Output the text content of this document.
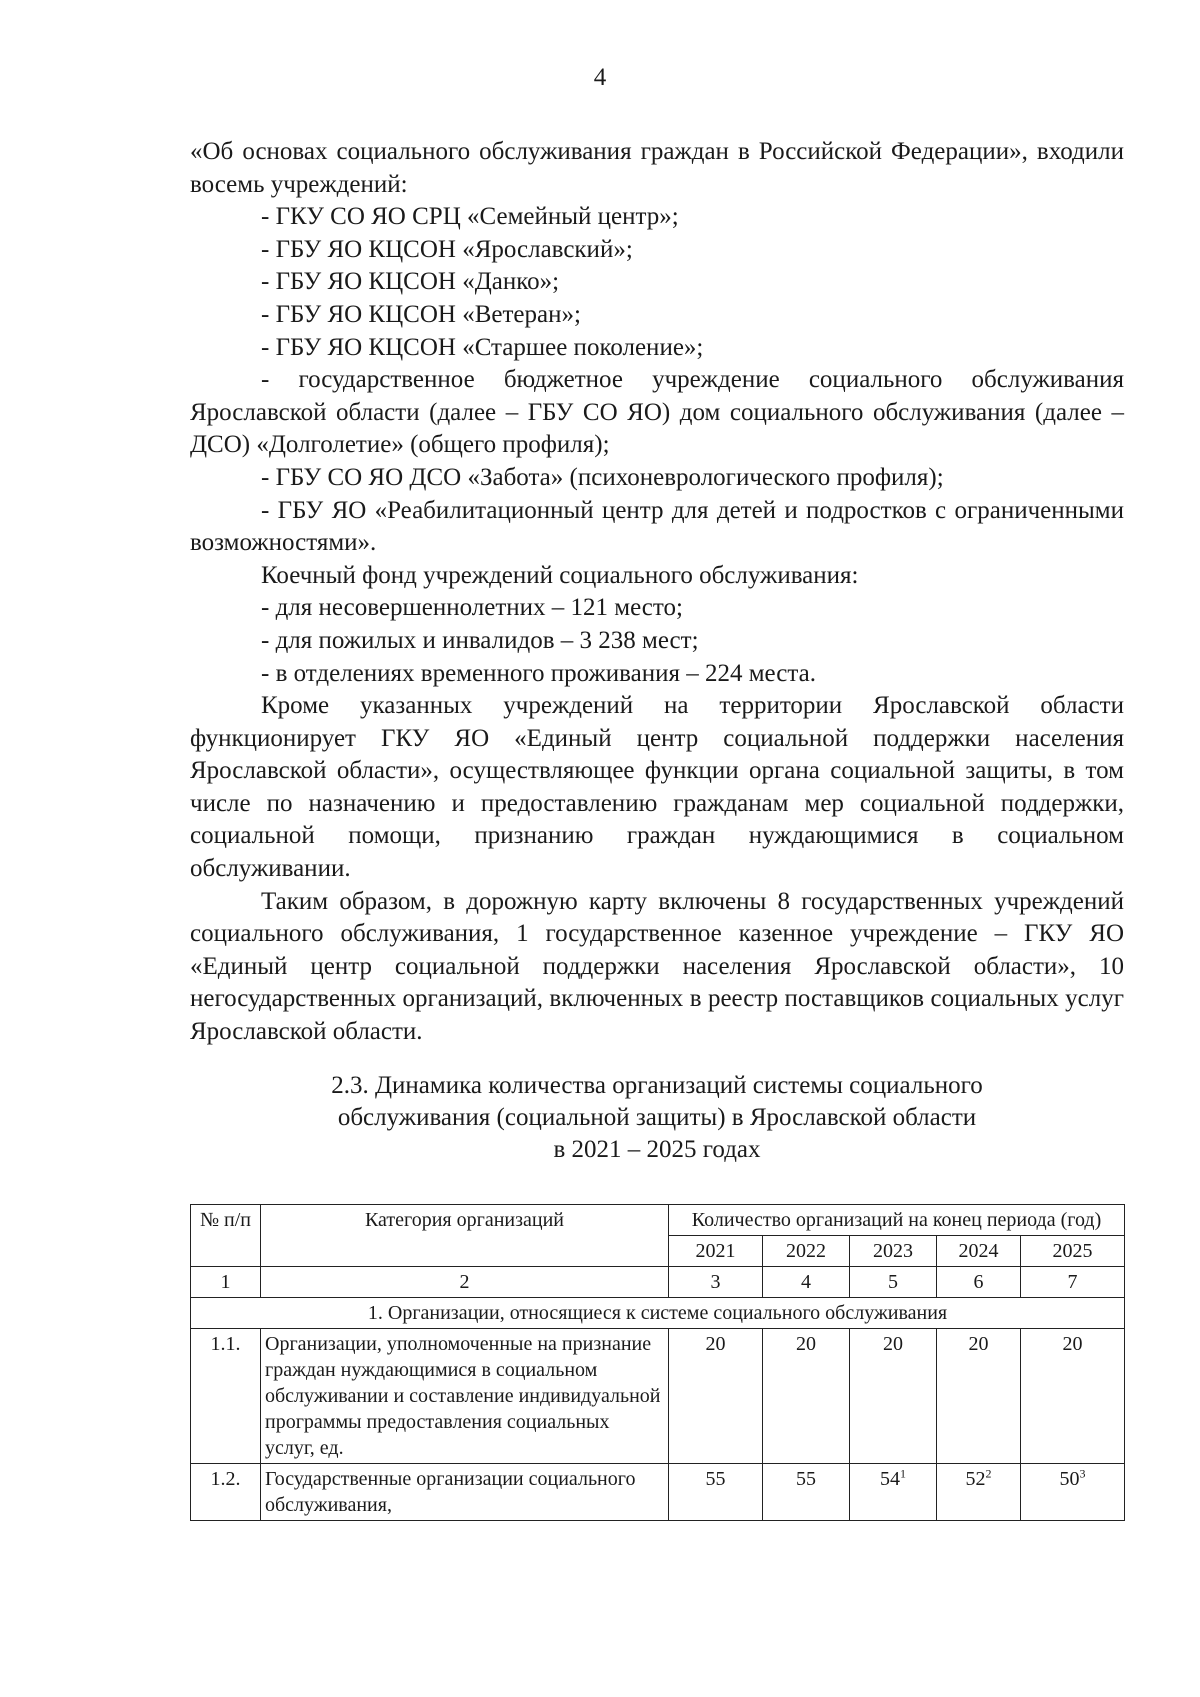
4

«Об основах социального обслуживания граждан в Российской Федерации», входили восемь учреждений:

- ГКУ СО ЯО СРЦ «Семейный центр»;

- ГБУ ЯО КЦСОН «Ярославский»;

- ГБУ ЯО КЦСОН «Данко»;

- ГБУ ЯО КЦСОН «Ветеран»;

- ГБУ ЯО КЦСОН «Старшее поколение»;

- государственное бюджетное учреждение социального обслуживания Ярославской области (далее – ГБУ СО ЯО) дом социального обслуживания (далее – ДСО) «Долголетие» (общего профиля);

- ГБУ СО ЯО ДСО «Забота» (психоневрологического профиля);

- ГБУ ЯО «Реабилитационный центр для детей и подростков с ограниченными возможностями».

Коечный фонд учреждений социального обслуживания:

- для несовершеннолетних – 121 место;

- для пожилых и инвалидов – 3 238 мест;

- в отделениях временного проживания – 224 места.

Кроме указанных учреждений на территории Ярославской области функционирует ГКУ ЯО «Единый центр социальной поддержки населения Ярославской области», осуществляющее функции органа социальной защиты, в том числе по назначению и предоставлению гражданам мер социальной поддержки, социальной помощи, признанию граждан нуждающимися в социальном обслуживании.

Таким образом, в дорожную карту включены 8 государственных учреждений социального обслуживания, 1 государственное казенное учреждение – ГКУ ЯО «Единый центр социальной поддержки населения Ярославской области», 10 негосударственных организаций, включенных в реестр поставщиков социальных услуг Ярославской области.

2.3. Динамика количества организаций системы социального
обслуживания (социальной защиты) в Ярославской области
в 2021 – 2025 годах
№ п/п	Категория организаций	Количество организаций на конец периода (год)				
		2021	2022	2023	2024	2025
1	2	3	4	5	6	7
1. Организации, относящиеся к системе социального обслуживания						
1.1.	Организации, уполномоченные на признание граждан нуждающимися в социальном обслуживании и составление индивидуальной программы предоставления социальных услуг, ед.	20	20	20	20	20
1.2.	Государственные организации социального обслуживания,	55	55	$54^1$	$52^2$	$50^3$
